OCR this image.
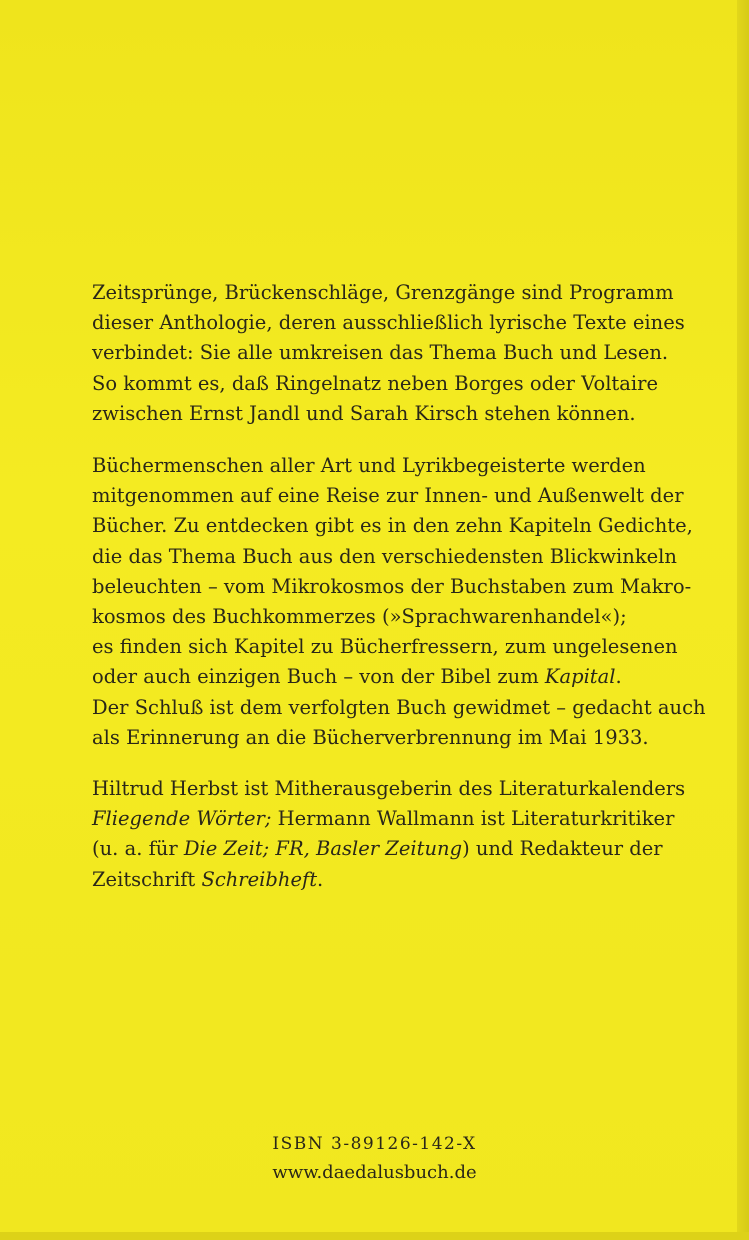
Zeitsprünge, Brückenschläge, Grenzgänge sind Programm
dieser Anthologie, deren ausschließlich lyrische Texte eines
verbindet: Sie alle umkreisen das Thema Buch und Lesen.
So kommt es, daß Ringelnatz neben Borges oder Voltaire
zwischen Ernst Jandl und Sarah Kirsch stehen können.
Büchermenschen aller Art und Lyrikbegeisterte werden
mitgenommen auf eine Reise zur Innen- und Außenwelt der
Bücher. Zu entdecken gibt es in den zehn Kapiteln Gedichte,
die das Thema Buch aus den verschiedensten Blickwinkeln
beleuchten – vom Mikrokosmos der Buchstaben zum Makro-
kosmos des Buchkommerzes (»Sprachwarenhandel«);
es finden sich Kapitel zu Bücherfressern, zum ungelesenen
oder auch einzigen Buch – von der Bibel zum Kapital.
Der Schluß ist dem verfolgten Buch gewidmet – gedacht auch
als Erinnerung an die Bücherverbrennung im Mai 1933.
Hiltrud Herbst ist Mitherausgeberin des Literaturkalenders
Fliegende Wörter; Hermann Wallmann ist Literaturkritiker
(u. a. für Die Zeit; FR, Basler Zeitung) und Redakteur der
Zeitschrift Schreibheft.
ISBN 3-89126-142-X
www.daedalusbuch.de
